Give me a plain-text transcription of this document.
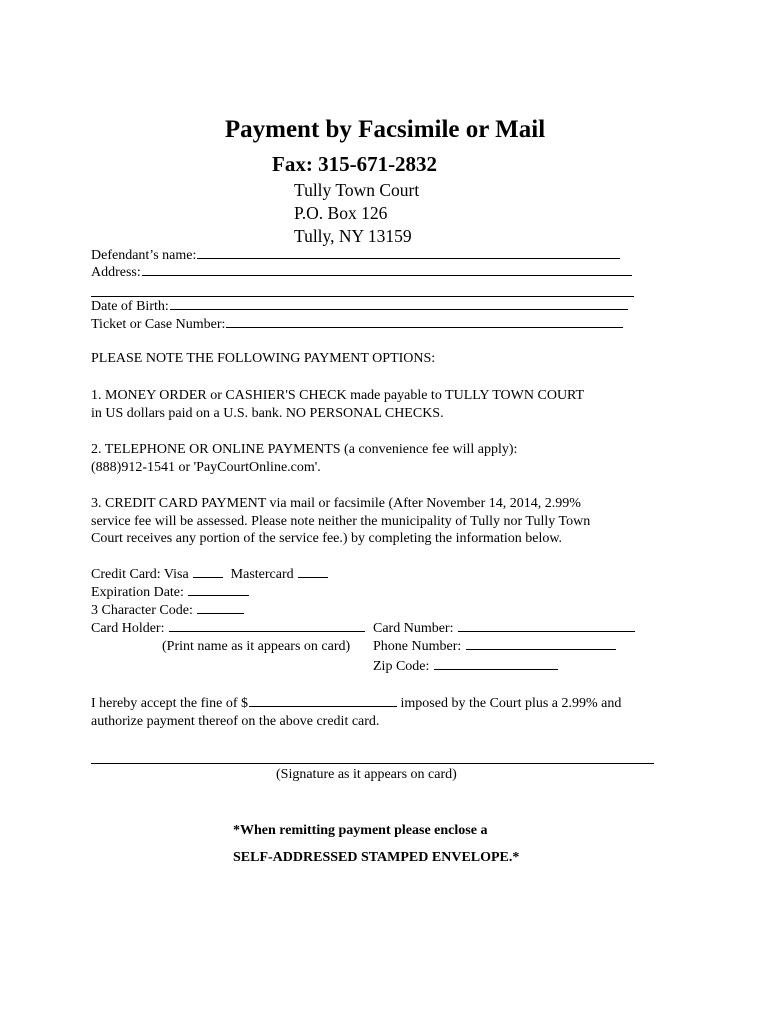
Payment by Facsimile or Mail
Fax: 315-671-2832
Tully Town Court
P.O. Box 126
Tully, NY 13159
Defendant’s name:
Address:
Date of Birth:
Ticket or Case Number:
PLEASE NOTE THE FOLLOWING PAYMENT OPTIONS:
1. MONEY ORDER or CASHIER'S CHECK made payable to TULLY TOWN COURT
in US dollars paid on a U.S. bank. NO PERSONAL CHECKS.
2. TELEPHONE OR ONLINE PAYMENTS (a convenience fee will apply):
(888)912-1541 or 'PayCourtOnline.com'.
3. CREDIT CARD PAYMENT via mail or facsimile (After November 14, 2014, 2.99%
service fee will be assessed. Please note neither the municipality of Tully nor Tully Town
Court receives any portion of the service fee.) by completing the information below.
Credit Card: Visa	Mastercard
Expiration Date:
3 Character Code:
Card Holder:	Card Number:
(Print name as it appears on card) Phone Number:
Zip Code:
I hereby accept the fine of $	imposed by the Court plus a 2.99% and
authorize payment thereof on the above credit card.
(Signature as it appears on card)
*When remitting payment please enclose a
SELF-ADDRESSED STAMPED ENVELOPE.*
